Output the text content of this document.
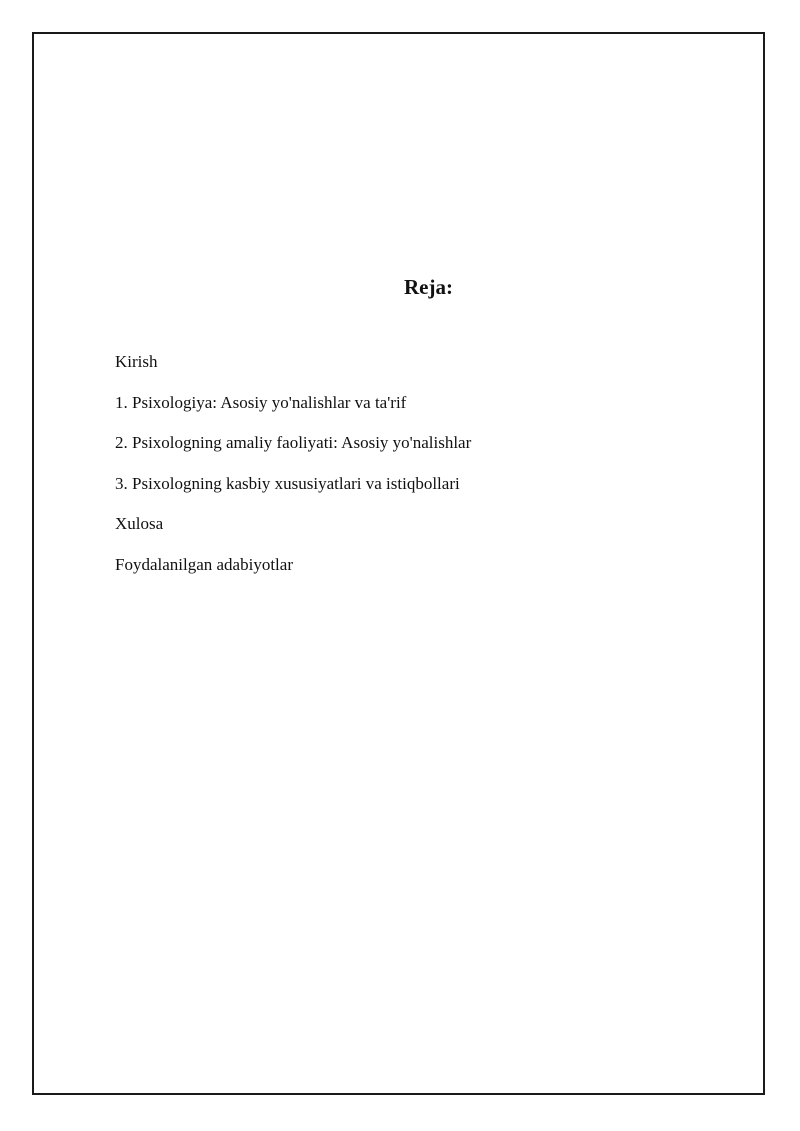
Reja:
Kirish
1. Psixologiya: Asosiy yo'nalishlar va ta'rif
2. Psixologning amaliy faoliyati: Asosiy yo'nalishlar
3. Psixologning kasbiy xususiyatlari va istiqbollari
Xulosa
Foydalanilgan adabiyotlar
